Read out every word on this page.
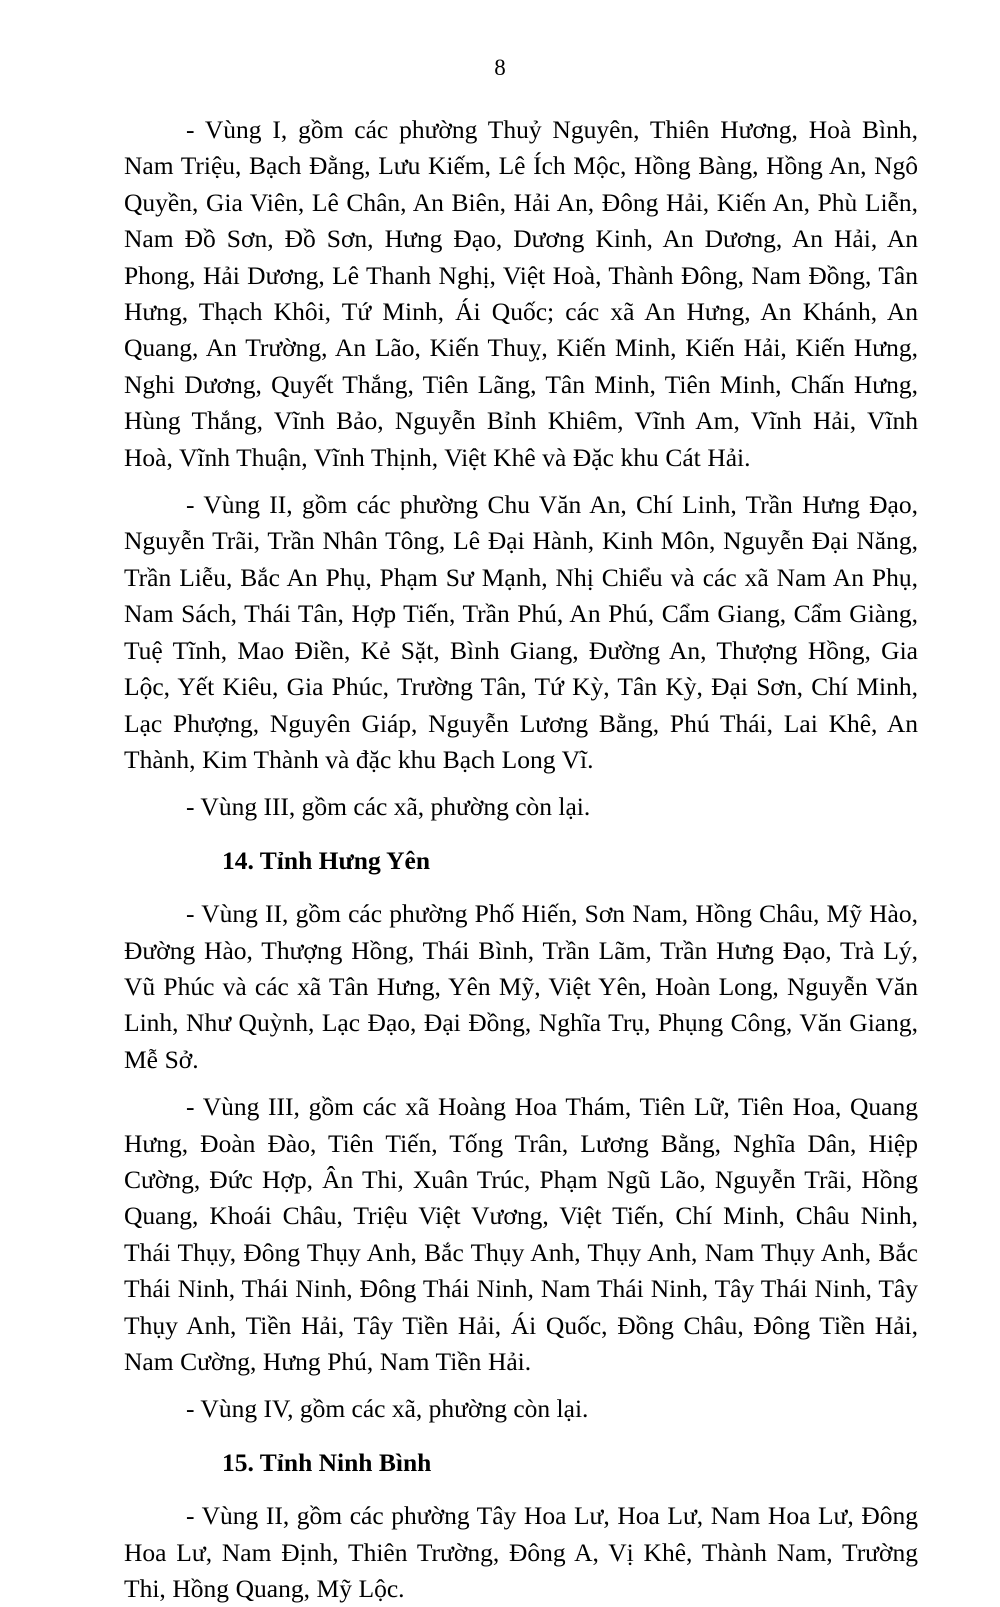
8

- Vùng I, gồm các phường Thuỷ Nguyên, Thiên Hương, Hoà Bình, Nam Triệu, Bạch Đằng, Lưu Kiếm, Lê Ích Mộc, Hồng Bàng, Hồng An, Ngô Quyền, Gia Viên, Lê Chân, An Biên, Hải An, Đông Hải, Kiến An, Phù Liễn, Nam Đồ Sơn, Đồ Sơn, Hưng Đạo, Dương Kinh, An Dương, An Hải, An Phong, Hải Dương, Lê Thanh Nghị, Việt Hoà, Thành Đông, Nam Đồng, Tân Hưng, Thạch Khôi, Tứ Minh, Ái Quốc; các xã An Hưng, An Khánh, An Quang, An Trường, An Lão, Kiến Thuỵ, Kiến Minh, Kiến Hải, Kiến Hưng, Nghi Dương, Quyết Thắng, Tiên Lãng, Tân Minh, Tiên Minh, Chấn Hưng, Hùng Thắng, Vĩnh Bảo, Nguyễn Bỉnh Khiêm, Vĩnh Am, Vĩnh Hải, Vĩnh Hoà, Vĩnh Thuận, Vĩnh Thịnh, Việt Khê và Đặc khu Cát Hải.

- Vùng II, gồm các phường Chu Văn An, Chí Linh, Trần Hưng Đạo, Nguyễn Trãi, Trần Nhân Tông, Lê Đại Hành, Kinh Môn, Nguyễn Đại Năng, Trần Liễu, Bắc An Phụ, Phạm Sư Mạnh, Nhị Chiểu và các xã Nam An Phụ, Nam Sách, Thái Tân, Hợp Tiến, Trần Phú, An Phú, Cẩm Giang, Cẩm Giàng, Tuệ Tĩnh, Mao Điền, Kẻ Sặt, Bình Giang, Đường An, Thượng Hồng, Gia Lộc, Yết Kiêu, Gia Phúc, Trường Tân, Tứ Kỳ, Tân Kỳ, Đại Sơn, Chí Minh, Lạc Phượng, Nguyên Giáp, Nguyễn Lương Bằng, Phú Thái, Lai Khê, An Thành, Kim Thành và đặc khu Bạch Long Vĩ.

- Vùng III, gồm các xã, phường còn lại.

14. Tỉnh Hưng Yên

- Vùng II, gồm các phường Phố Hiến, Sơn Nam, Hồng Châu, Mỹ Hào, Đường Hào, Thượng Hồng, Thái Bình, Trần Lãm, Trần Hưng Đạo, Trà Lý, Vũ Phúc và các xã Tân Hưng, Yên Mỹ, Việt Yên, Hoàn Long, Nguyễn Văn Linh, Như Quỳnh, Lạc Đạo, Đại Đồng, Nghĩa Trụ, Phụng Công, Văn Giang, Mễ Sở.

- Vùng III, gồm các xã Hoàng Hoa Thám, Tiên Lữ, Tiên Hoa, Quang Hưng, Đoàn Đào, Tiên Tiến, Tống Trân, Lương Bằng, Nghĩa Dân, Hiệp Cường, Đức Hợp, Ân Thi, Xuân Trúc, Phạm Ngũ Lão, Nguyễn Trãi, Hồng Quang, Khoái Châu, Triệu Việt Vương, Việt Tiến, Chí Minh, Châu Ninh, Thái Thụy, Đông Thụy Anh, Bắc Thụy Anh, Thụy Anh, Nam Thụy Anh, Bắc Thái Ninh, Thái Ninh, Đông Thái Ninh, Nam Thái Ninh, Tây Thái Ninh, Tây Thụy Anh, Tiền Hải, Tây Tiền Hải, Ái Quốc, Đồng Châu, Đông Tiền Hải, Nam Cường, Hưng Phú, Nam Tiền Hải.

- Vùng IV, gồm các xã, phường còn lại.

15. Tỉnh Ninh Bình

- Vùng II, gồm các phường Tây Hoa Lư, Hoa Lư, Nam Hoa Lư, Đông Hoa Lư, Nam Định, Thiên Trường, Đông A, Vị Khê, Thành Nam, Trường Thi, Hồng Quang, Mỹ Lộc.
